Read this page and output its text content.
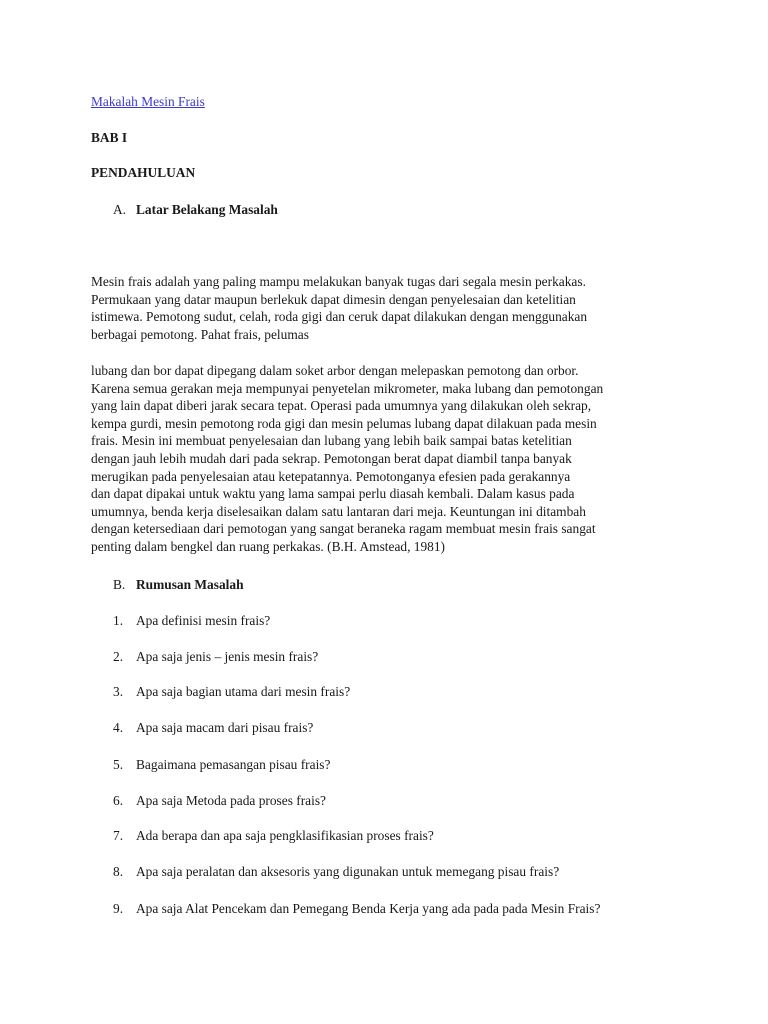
Makalah Mesin Frais
BAB I
PENDAHULUAN
A. Latar Belakang Masalah
Mesin frais adalah yang paling mampu melakukan banyak tugas dari segala mesin perkakas.
Permukaan yang datar maupun berlekuk dapat dimesin dengan penyelesaian dan ketelitian
istimewa. Pemotong sudut, celah, roda gigi dan ceruk dapat dilakukan dengan menggunakan
berbagai pemotong. Pahat frais, pelumas
lubang dan bor dapat dipegang dalam soket arbor dengan melepaskan pemotong dan orbor.
Karena semua gerakan meja mempunyai penyetelan mikrometer, maka lubang dan pemotongan
yang lain dapat diberi jarak secara tepat. Operasi pada umumnya yang dilakukan oleh sekrap,
kempa gurdi, mesin pemotong roda gigi dan mesin pelumas lubang dapat dilakuan pada mesin
frais. Mesin ini membuat penyelesaian dan lubang yang lebih baik sampai batas ketelitian
dengan jauh lebih mudah dari pada sekrap. Pemotongan berat dapat diambil tanpa banyak
merugikan pada penyelesaian atau ketepatannya. Pemotonganya efesien pada gerakannya
dan dapat dipakai untuk waktu yang lama sampai perlu diasah kembali. Dalam kasus pada
umumnya, benda kerja diselesaikan dalam satu lantaran dari meja. Keuntungan ini ditambah
dengan ketersediaan dari pemotogan yang sangat beraneka ragam membuat mesin frais sangat
penting dalam bengkel dan ruang perkakas. (B.H. Amstead, 1981)
B. Rumusan Masalah
1. Apa definisi mesin frais?
2. Apa saja jenis – jenis mesin frais?
3. Apa saja bagian utama dari mesin frais?
4. Apa saja macam dari pisau frais?
5. Bagaimana pemasangan pisau frais?
6. Apa saja Metoda pada proses frais?
7. Ada berapa dan apa saja pengklasifikasian proses frais?
8. Apa saja peralatan dan aksesoris yang digunakan untuk memegang pisau frais?
9. Apa saja Alat Pencekam dan Pemegang Benda Kerja yang ada pada pada Mesin Frais?
